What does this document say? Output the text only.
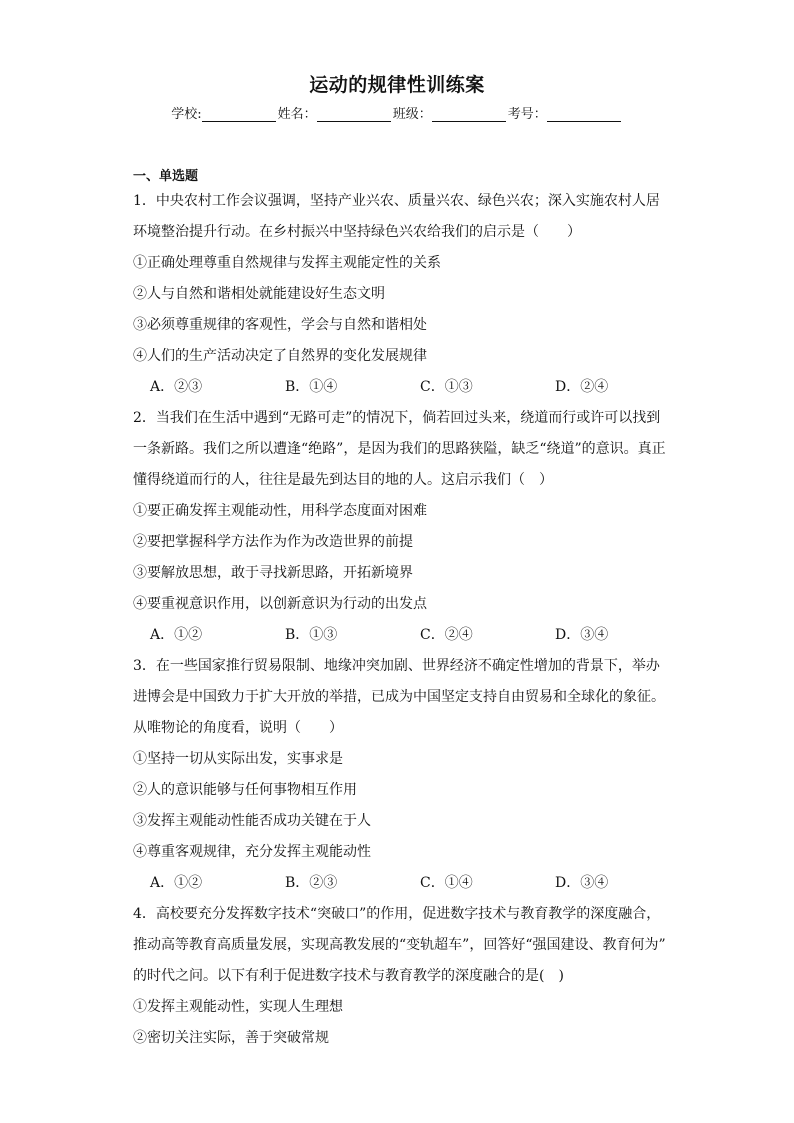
运动的规律性训练案
学校:	姓名：	班级：	考号：
一、单选题
1．中央农村工作会议强调，坚持产业兴农、质量兴农、绿色兴农；深入实施农村人居
环境整治提升行动。在乡村振兴中坚持绿色兴农给我们的启示是（　　）
①正确处理尊重自然规律与发挥主观能定性的关系
②人与自然和谐相处就能建设好生态文明
③必须尊重规律的客观性，学会与自然和谐相处
④人们的生产活动决定了自然界的变化发展规律
A．②③	B．①④	C．①③	D．②④
2．当我们在生活中遇到“无路可走”的情况下，倘若回过头来，绕道而行或许可以找到
一条新路。我们之所以遭逢“绝路”，是因为我们的思路狭隘，缺乏“绕道”的意识。真正
懂得绕道而行的人，往往是最先到达目的地的人。这启示我们（　）
①要正确发挥主观能动性，用科学态度面对困难
②要把掌握科学方法作为作为改造世界的前提
③要解放思想，敢于寻找新思路，开拓新境界
④要重视意识作用，以创新意识为行动的出发点
A．①②	B．①③	C．②④	D．③④
3．在一些国家推行贸易限制、地缘冲突加剧、世界经济不确定性增加的背景下，举办
进博会是中国致力于扩大开放的举措，已成为中国坚定支持自由贸易和全球化的象征。
从唯物论的角度看，说明（　　）
①坚持一切从实际出发，实事求是
②人的意识能够与任何事物相互作用
③发挥主观能动性能否成功关键在于人
④尊重客观规律，充分发挥主观能动性
A．①②	B．②③	C．①④	D．③④
4．高校要充分发挥数字技术“突破口”的作用，促进数字技术与教育教学的深度融合，
推动高等教育高质量发展，实现高教发展的“变轨超车”，回答好“强国建设、教育何为”
的时代之问。以下有利于促进数字技术与教育教学的深度融合的是(　)
①发挥主观能动性，实现人生理想
②密切关注实际，善于突破常规
